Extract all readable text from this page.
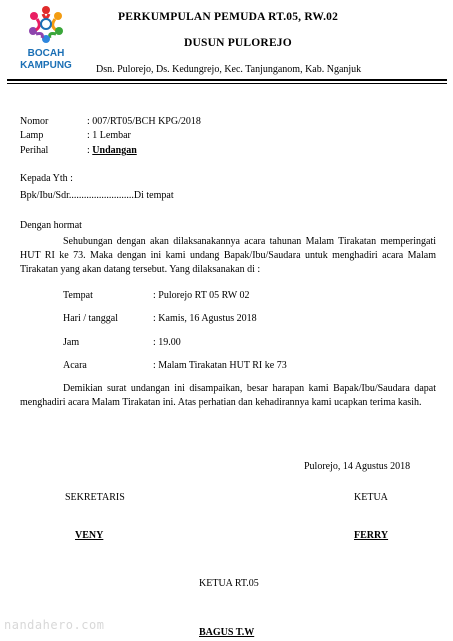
BOCAH
KAMPUNG
PERKUMPULAN PEMUDA RT.05, RW.02
DUSUN PULOREJO
Dsn. Pulorejo, Ds. Kedungrejo, Kec. Tanjunganom, Kab. Nganjuk
Nomor	: 007/RT05/BCH KPG/2018
Lamp	: 1 Lembar
Perihal	: Undangan
Kepada Yth :
Bpk/Ibu/Sdr..........................Di tempat
Dengan hormat
Sehubungan dengan akan dilaksanakannya acara tahunan Malam Tirakatan memperingati HUT RI ke 73. Maka dengan ini kami undang Bapak/Ibu/Saudara untuk menghadiri acara Malam Tirakatan yang akan datang tersebut. Yang dilaksanakan di :
Tempat	: Pulorejo RT 05 RW 02
Hari / tanggal	: Kamis, 16 Agustus 2018
Jam	: 19.00
Acara	: Malam Tirakatan HUT RI ke 73
Demikian surat undangan ini disampaikan, besar harapan kami Bapak/Ibu/Saudara dapat menghadiri acara Malam Tirakatan ini. Atas perhatian dan kehadirannya kami ucapkan terima kasih.
Pulorejo, 14 Agustus 2018
SEKRETARIS	KETUA
VENY	FERRY
KETUA RT.05
BAGUS T.W
nandahero.com
